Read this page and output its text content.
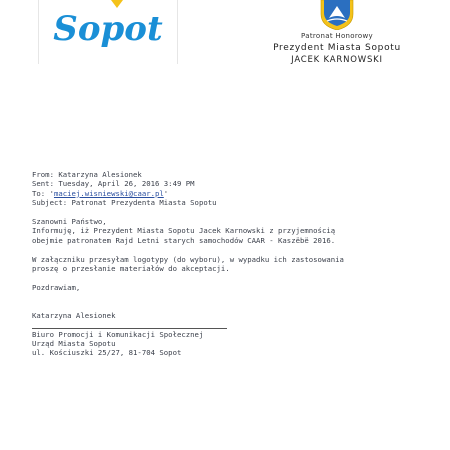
Sopot	Patronat Honorowy
Prezydent Miasta Sopotu
JACEK KARNOWSKI
From: Katarzyna Alesionek
Sent: Tuesday, April 26, 2016 3:49 PM
To: 'maciej.wisniewski@caar.pl'
Subject: Patronat Prezydenta Miasta Sopotu
Szanowni Państwo,
Informuję, iż Prezydent Miasta Sopotu Jacek Karnowski z przyjemnością
obejmie patronatem Rajd Letni starych samochodów CAAR - Kaszëbë 2016.
W załączniku przesyłam logotypy (do wyboru), w wypadku ich zastosowania
proszę o przesłanie materiałów do akceptacji.
Pozdrawiam,
Katarzyna Alesionek
Biuro Promocji i Komunikacji Społecznej
Urząd Miasta Sopotu
ul. Kościuszki 25/27, 81-704 Sopot
